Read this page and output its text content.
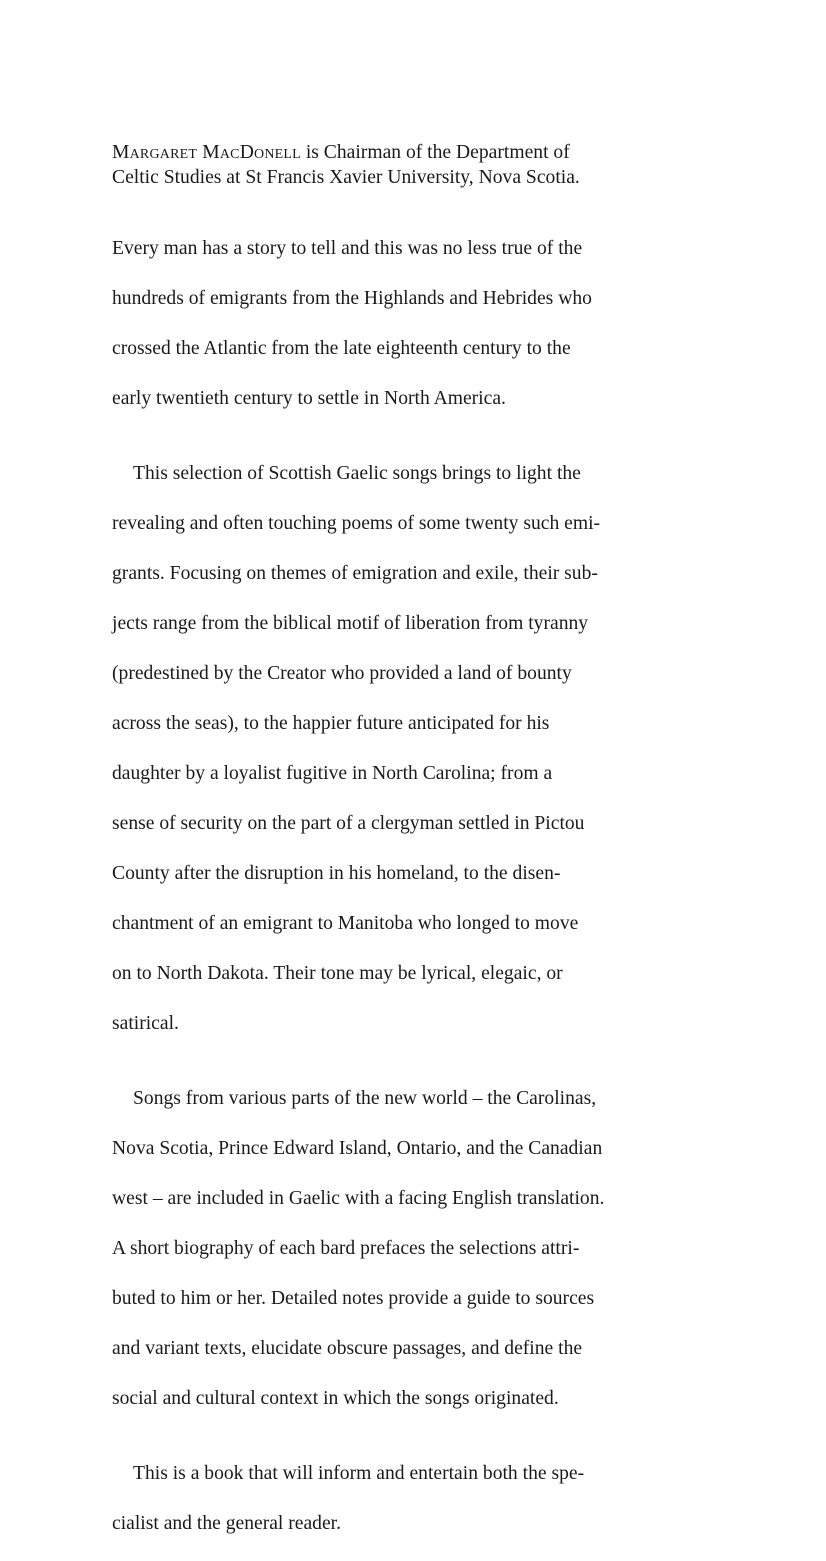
Margaret MacDonell is Chairman of the Department of
Celtic Studies at St Francis Xavier University, Nova Scotia.

Every man has a story to tell and this was no less true of the

hundreds of emigrants from the Highlands and Hebrides who

crossed the Atlantic from the late eighteenth century to the

early twentieth century to settle in North America.

This selection of Scottish Gaelic songs brings to light the

revealing and often touching poems of some twenty such emi-

grants. Focusing on themes of emigration and exile, their sub-

jects range from the biblical motif of liberation from tyranny

(predestined by the Creator who provided a land of bounty

across the seas), to the happier future anticipated for his

daughter by a loyalist fugitive in North Carolina; from a

sense of security on the part of a clergyman settled in Pictou

County after the disruption in his homeland, to the disen-

chantment of an emigrant to Manitoba who longed to move

on to North Dakota. Their tone may be lyrical, elegaic, or

satirical.

Songs from various parts of the new world – the Carolinas,

Nova Scotia, Prince Edward Island, Ontario, and the Canadian

west – are included in Gaelic with a facing English translation.

A short biography of each bard prefaces the selections attri-

buted to him or her. Detailed notes provide a guide to sources

and variant texts, elucidate obscure passages, and define the

social and cultural context in which the songs originated.

This is a book that will inform and entertain both the spe-

cialist and the general reader.
